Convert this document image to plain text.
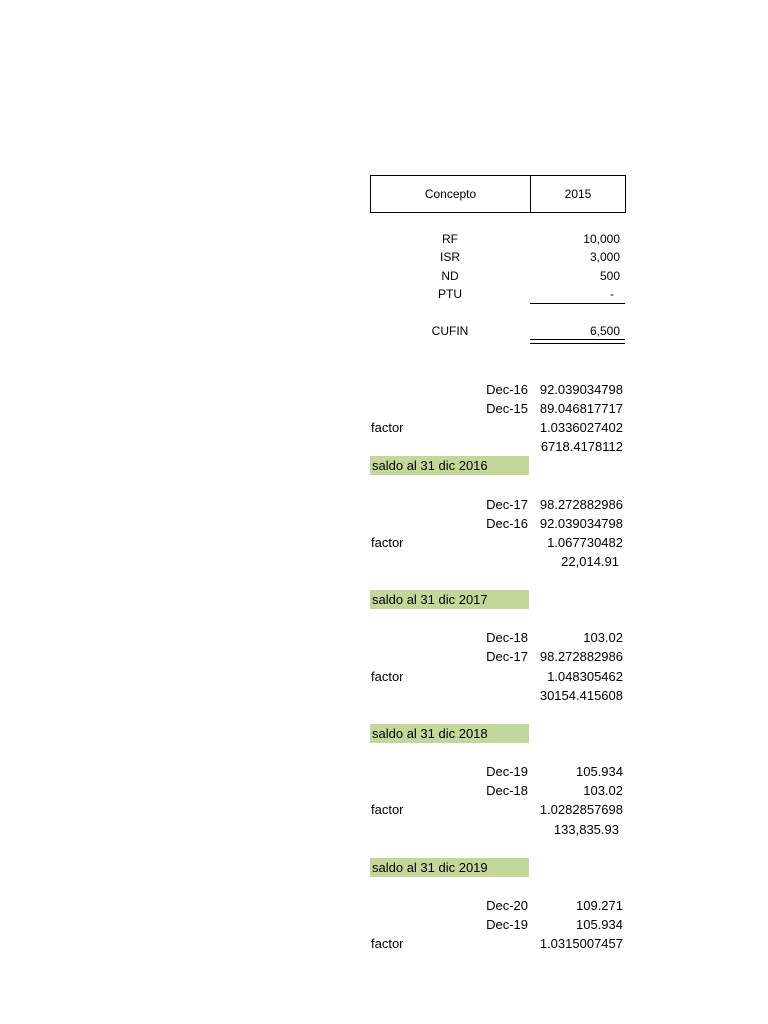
Concepto	2015
RF	10,000
ISR	3,000
ND	500
PTU	-
CUFIN	6,500
Dec-16 92.039034798
Dec-15 89.046817717
factor	1.0336027402
6718.4178112
saldo al 31 dic 2016
Dec-17 98.272882986
Dec-16 92.039034798
factor	1.067730482
22,014.91
saldo al 31 dic 2017
Dec-18	103.02
Dec-17 98.272882986
factor	1.048305462
30154.415608
saldo al 31 dic 2018
Dec-19	105.934
Dec-18	103.02
factor	1.0282857698
133,835.93
saldo al 31 dic 2019
Dec-20	109.271
Dec-19	105.934
factor	1.0315007457
